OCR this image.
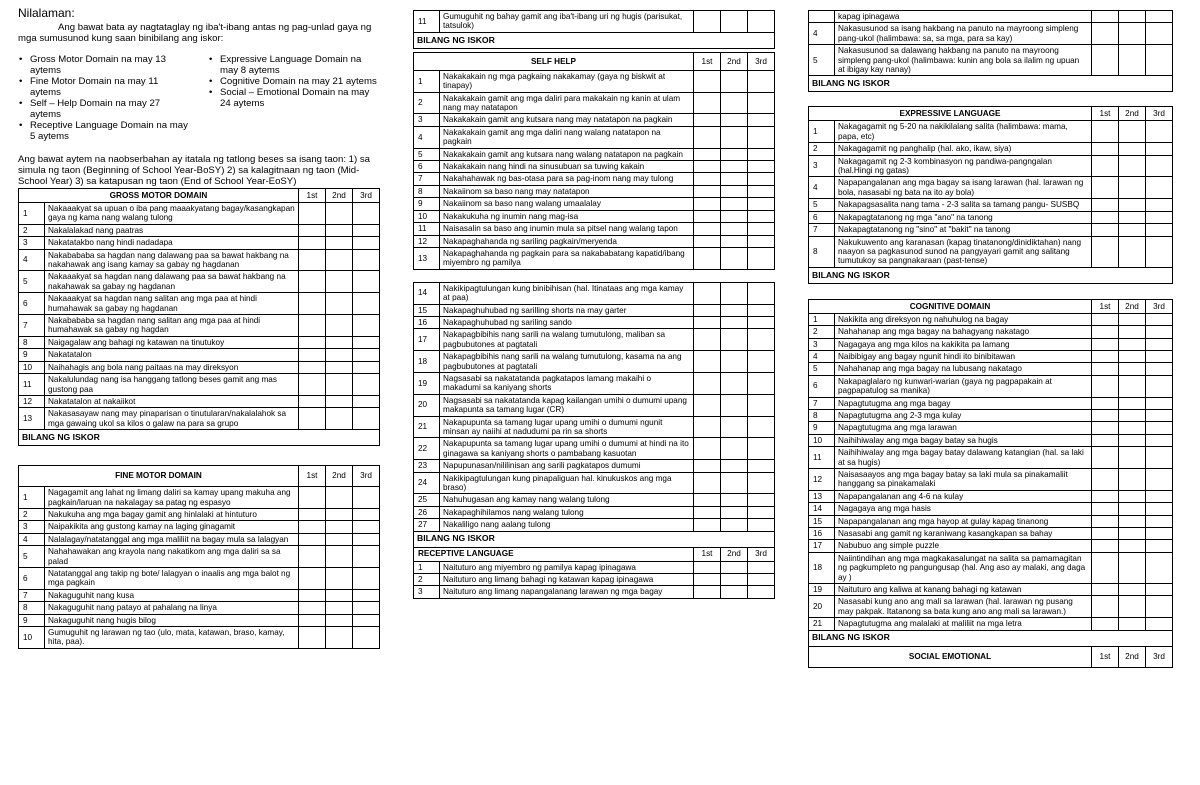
Nilalaman:
Ang bawat bata ay nagtataglay ng iba't-ibang antas ng pag-unlad gaya ng mga sumusunod kung saan binibilang ang iskor:
• Gross Motor Domain na may 13 aytems
• Fine Motor Domain na may 11 aytems
• Self – Help Domain na may 27 aytems
• Receptive Language Domain na may 5 aytems
• Expressive Language Domain na may 8 aytems
• Cognitive Domain na may 21 aytems
• Social – Emotional Domain na may 24 aytems
Ang bawat aytem na naobserbahan ay itatala ng tatlong beses sa isang taon: 1) sa simula ng taon (Beginning of School Year-BoSY) 2) sa kalagitnaan ng taon (Mid-School Year) 3) sa katapusan ng taon (End of School Year-EoSY)
GROSS MOTOR DOMAIN		1st	2nd	3rd
1	Nakaaakyat sa upuan o iba pang maaakyatang bagay/kasangkapan gaya ng kama nang walang tulong			
2	Nakalalakad nang paatras			
3	Nakatatakbo nang hindi nadadapa			
4	Nakabababa sa hagdan nang dalawang paa sa bawat hakbang na nakahawak ang isang kamay sa gabay ng hagdanan			
5	Nakaaakyat sa hagdan nang dalawang paa sa bawat hakbang na nakahawak sa gabay ng hagdanan			
6	Nakaaakyat sa hagdan nang salitan ang mga paa at hindi humahawak sa gabay ng hagdanan			
7	Nakabababa sa hagdan nang salitan ang mga paa at hindi humahawak sa gabay ng hagdan			
8	Naigagalaw ang bahagi ng katawan na tinutukoy			
9	Nakatatalon			
10	Naihahagis ang bola nang paitaas na may direksyon			
11	Nakalulundag nang isa hanggang tatlong beses gamit ang mas gustong paa			
12	Nakatatalon at nakaiikot			
13	Nakasasayaw nang may pinaparisan o tinutularan/nakalalahok sa mga gawaing ukol sa kilos o galaw na para sa grupo			
BILANG NG ISKOR				
FINE MOTOR DOMAIN		1st	2nd	3rd
1	Nagagamit ang lahat ng limang daliri sa kamay upang makuha ang pagkain/laruan na nakalagay sa patag ng espasyo			
2	Nakukuha ang mga bagay gamit ang hinlalaki at hintuturo			
3	Naipakikita ang gustong kamay na laging ginagamit			
4	Nalalagay/natatanggal ang mga maliliit na bagay mula sa lalagyan			
5	Nahahawakan ang krayola nang nakatikom ang mga daliri sa sa palad			
6	Natatanggal ang takip ng bote/ lalagyan o inaalis ang mga balot ng mga pagkain			
7	Nakaguguhit nang kusa			
8	Nakaguguhit nang patayo at pahalang na linya			
9	Nakaguguhit nang hugis bilog			
10	Gumuguhit ng larawan ng tao (ulo, mata, katawan, braso, kamay, hita, paa).			
11	Gumuguhit ng bahay gamit ang iba't-ibang uri ng hugis (parisukat, tatsulok)			
BILANG NG ISKOR
SELF HELP		1st	2nd	3rd
1	Nakakakain ng mga pagkaing nakakamay (gaya ng biskwit at tinapay)			
2	Nakakakain gamit ang mga daliri para makakain ng kanin at ulam nang may natatapon			
3	Nakakakain gamit ang kutsara nang may natatapon na pagkain			
4	Nakakakain gamit ang mga daliri nang walang natatapon na pagkain			
5	Nakakakain gamit ang kutsara nang walang natatapon na pagkain			
6	Nakakakain nang hindi na sinusubuan sa tuwing kakain			
7	Nakahahawak ng bas-otasa para sa pag-inom nang may tulong			
8	Nakaiinom sa baso nang may natatapon			
9	Nakaiinom sa baso nang walang umaalalay			
10	Nakakukuha ng inumin nang mag-isa			
11	Naisasalin sa baso ang inumin mula sa pitsel nang walang tapon			
12	Nakapaghahanda ng sariling pagkain/meryenda			
13	Nakapaghahanda ng pagkain para sa nakababatang kapatid/ibang miyembro ng pamilya			
14	Nakikipagtulungan kung binibihisan (hal. Itinataas ang mga kamay at paa)			
15	Nakapaghuhubad ng sarilling shorts na may garter			
16	Nakapaghuhubad ng sariling sando			
17	Nakapagbibihis nang sarili na walang tumutulong, maliban sa pagbubutones at pagtatali			
18	Nakapagbibihis nang sarili na walang tumutulong, kasama na ang pagbubutones at pagtatali			
19	Nagsasabi sa nakatatanda pagkatapos lamang makaihi o makadumi sa kaniyang shorts			
20	Nagsasabi sa nakatatanda kapag kailangan umihi o dumumi upang makapunta sa tamang lugar (CR)			
21	Nakapupunta sa tamang lugar upang umihi o dumumi ngunit minsan ay naiihi at nadudumi pa rin sa shorts			
22	Nakapupunta sa tamang lugar upang umihi o dumumi at hindi na ito ginagawa sa kaniyang shorts o pambabang kasuotan			
23	Napupunasan/nililinisan ang sarili pagkatapos dumumi			
24	Nakikipagtulungan kung pinapaliguan hal. kinukuskos ang mga braso)			
25	Nahuhugasan ang kamay nang walang tulong			
26	Nakapaghihilamos nang walang tulong			
27	Nakaliligo nang aalang tulong			
BILANG NG ISKOR				
RECEPTIVE LANGUAGE		1st	2nd	3rd
1	Naituturo ang miyembro ng pamilya kapag ipinagawa			
2	Naituturo ang limang bahagi ng katawan kapag ipinagawa			
3	Naituturo ang limang napangalanang larawan ng mga bagay			
	kapag ipinagawa			
4	Nakasusunod sa isang hakbang na panuto na mayroong simpleng pang-ukol (halimbawa: sa, sa mga, para sa kay)			
5	Nakasusunod sa dalawang hakbang na panuto na mayroong simpleng pang-ukol (halimbawa: kunin ang bola sa ilalim ng upuan at ibigay kay nanay)			
BILANG NG ISKOR				
EXPRESSIVE LANGUAGE		1st	2nd	3rd
1	Nakagagamit ng 5-20 na nakikilalang salita (halimbawa: mama, papa, etc)			
2	Nakagagamit ng panghalip (hal. ako, ikaw, siya)			
3	Nakagagamit ng 2-3 kombinasyon ng pandiwa-pangngalan (hal.Hingi ng gatas)			
4	Napapangalanan ang mga bagay sa isang larawan (hal. larawan ng bola, nasasabi ng bata na ito ay bola)			
5	Nakapagsasalita nang tama - 2-3 salita sa tamang pangu- SUSBQ			
6	Nakapagtatanong ng mga "ano" na tanong			
7	Nakapagtatanong ng "sino" at "bakit" na tanong			
8	Nakukuwento ang karanasan (kapag tinatanong/dinidiktahan) nang naayon sa pagkasunod sunod na pangyayari gamit ang salitang tumutukoy sa pangnakaraan (past-tense)			
BILANG NG ISKOR				
COGNITIVE DOMAIN		1st	2nd	3rd
1	Nakikita ang direksyon ng nahuhulog na bagay			
2	Nahahanap ang mga bagay na bahagyang nakatago			
3	Nagagaya ang mga kilos na kakikita pa lamang			
4	Naibibigay ang bagay ngunit hindi ito binibitawan			
5	Nahahanap ang mga bagay na lubusang nakatago			
6	Nakapaglalaro ng kunwari-warian (gaya ng pagpapakain at pagpapatulog sa manika)			
7	Napagtutugma ang mga bagay			
8	Napagtutugma ang 2-3 mga kulay			
9	Napagtutugma ang mga larawan			
10	Naihihiwalay ang mga bagay batay sa hugis			
11	Naihihiwalay ang mga bagay batay dalawang katangian (hal. sa laki at sa hugis)			
12	Naisasaayos ang mga bagay batay sa laki mula sa pinakamaliit hanggang sa pinakamalaki			
13	Napapangalanan ang 4-6 na kulay			
14	Nagagaya ang mga hasis			
15	Napapangalanan ang mga hayop at gulay kapag tinanong			
16	Nasasabi ang gamit ng karaniwang kasangkapan sa bahay			
17	Nabubuo ang simple puzzle			
18	Naiintindihan ang mga magkakasalungat na salita sa pamamagitan ng pagkumpleto ng pangungusap (hal. Ang aso ay malaki, ang daga ay )			
19	Naituturo ang kaliwa at kanang bahagi ng katawan			
20	Nasasabi kung ano ang mali sa larawan (hal. larawan ng pusang may pakpak. Itatanong sa bata kung ano ang mali sa larawan.)			
21	Napagtutugma ang malalaki at maliliit na mga letra			
BILANG NG ISKOR				
SOCIAL EMOTIONAL		1st	2nd	3rd
